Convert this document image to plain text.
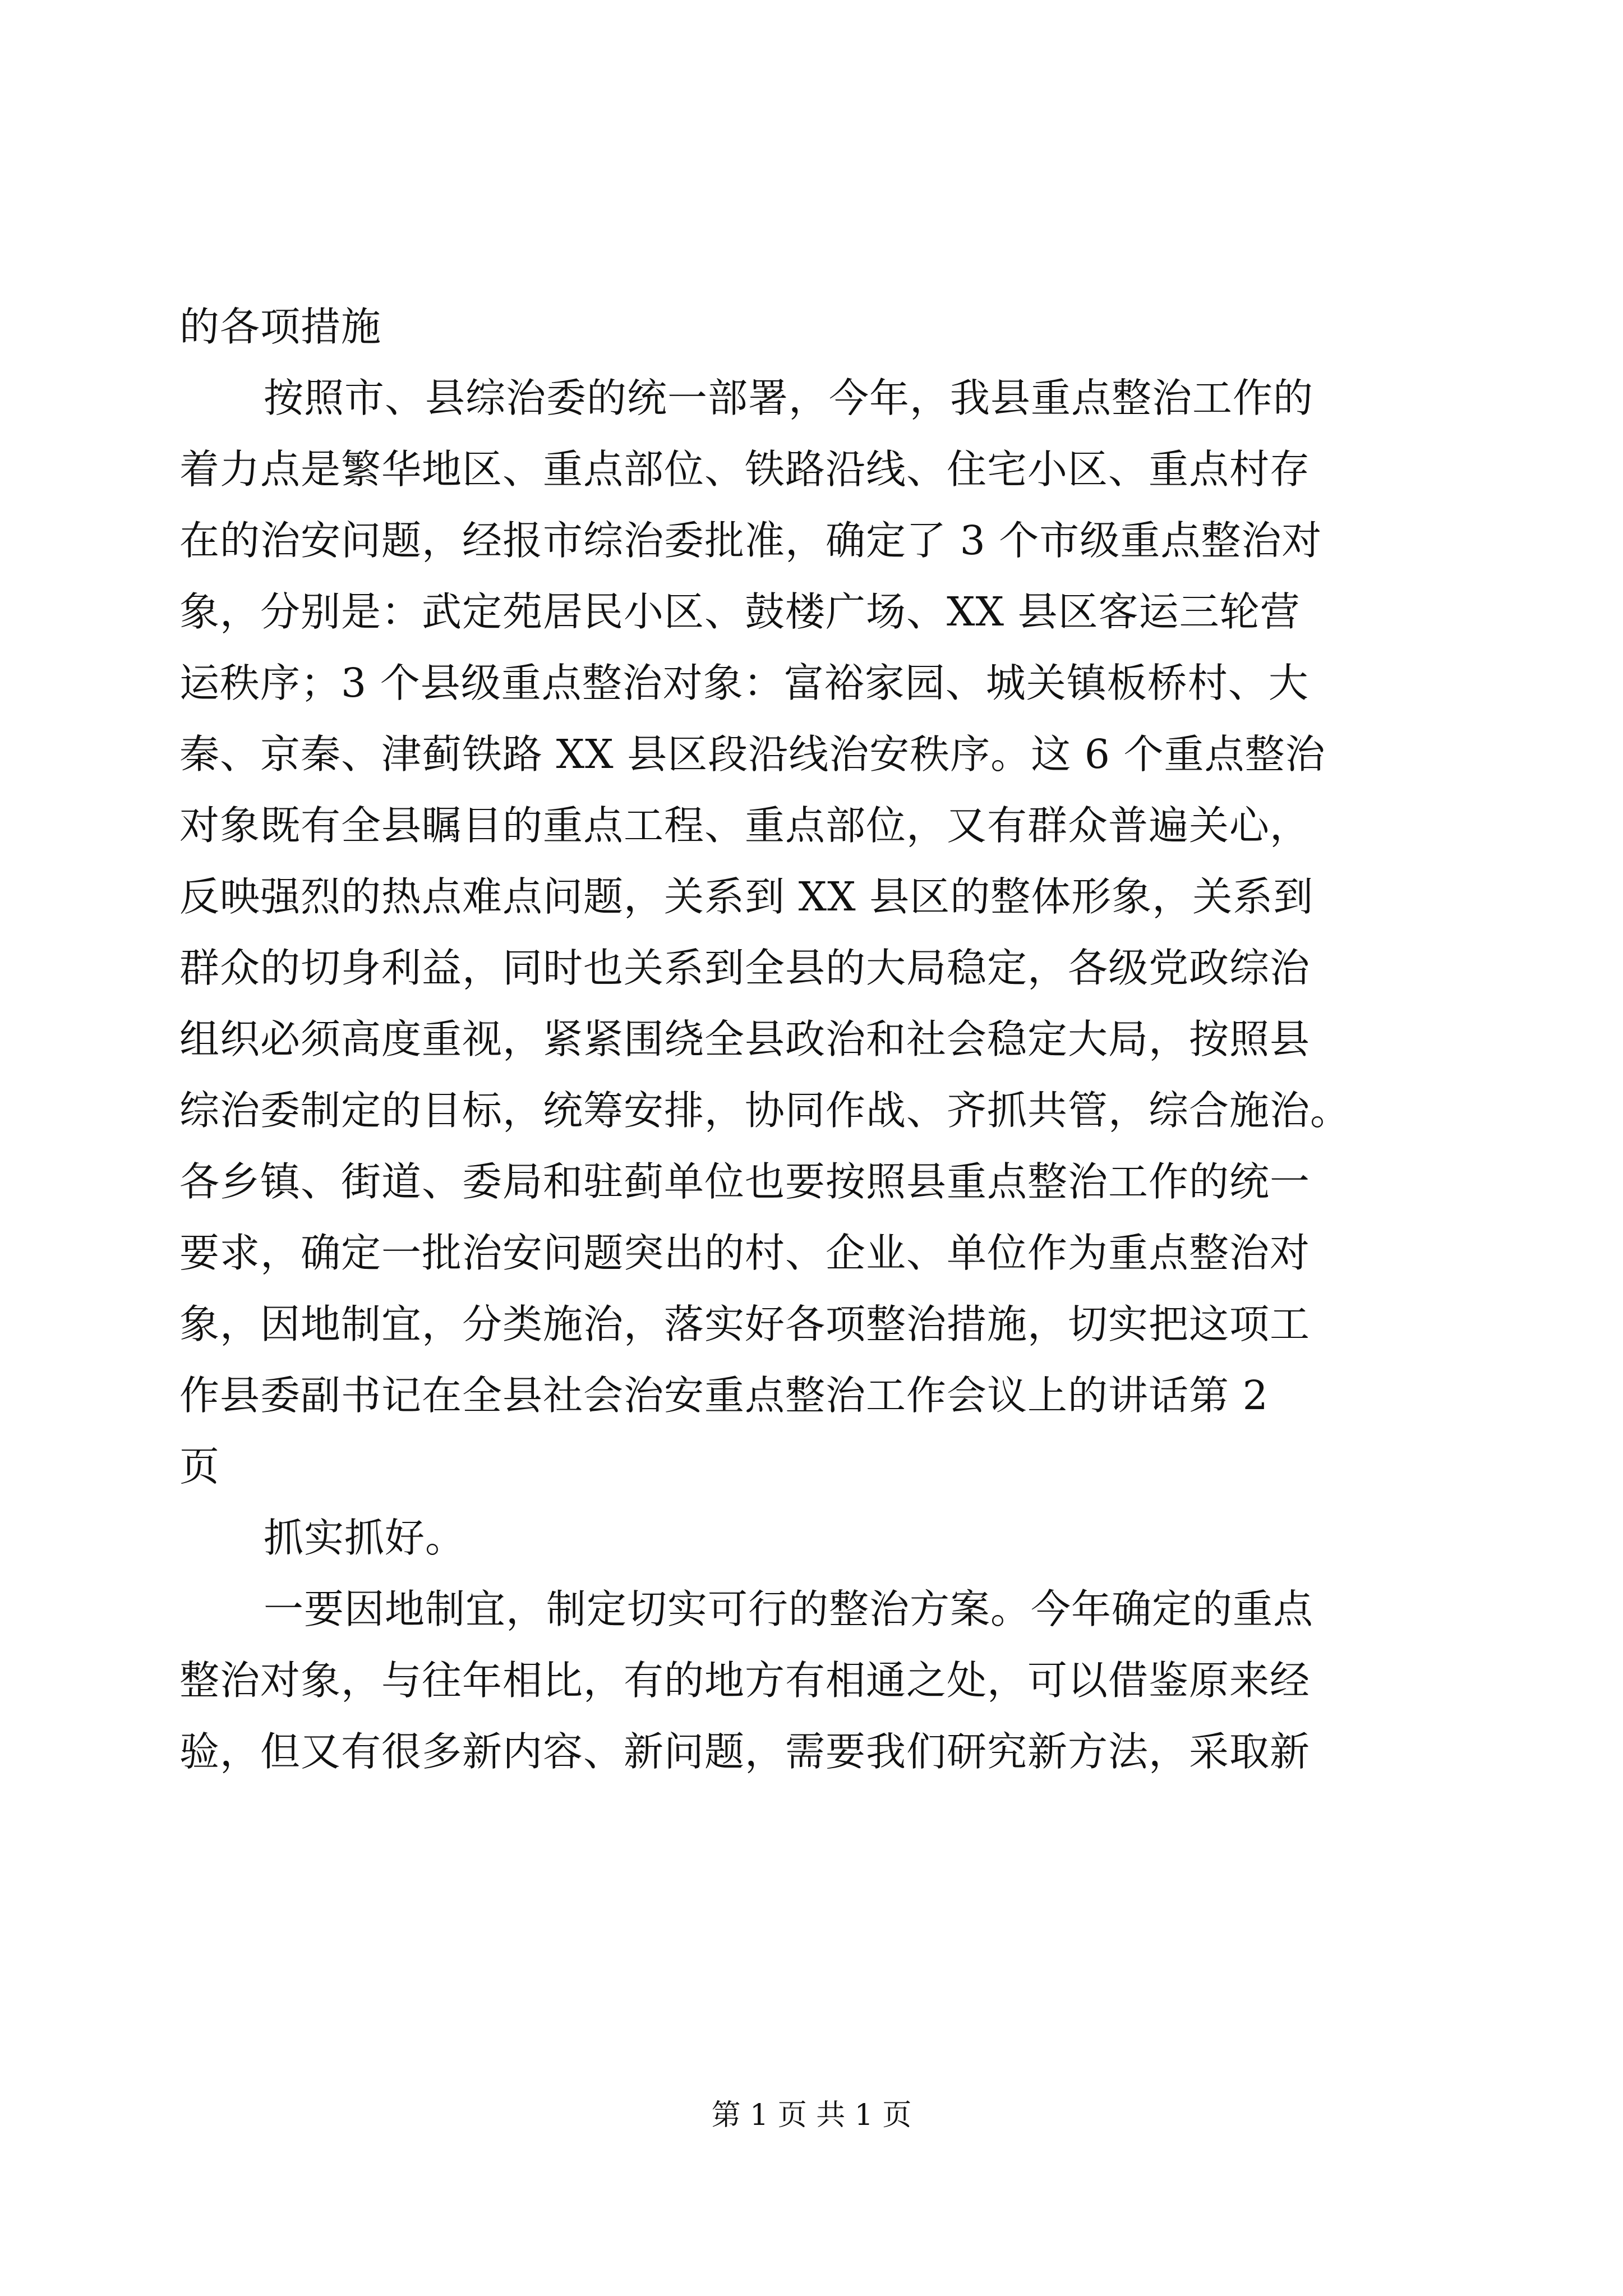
的各项措施
按照市、县综治委的统一部署，今年，我县重点整治工作的
着力点是繁华地区、重点部位、铁路沿线、住宅小区、重点村存
在的治安问题，经报市综治委批准，确定了 3 个市级重点整治对
象，分别是：武定苑居民小区、鼓楼广场、XX 县区客运三轮营
运秩序；3 个县级重点整治对象：富裕家园、城关镇板桥村、大
秦、京秦、津蓟铁路 XX 县区段沿线治安秩序。这 6 个重点整治
对象既有全县瞩目的重点工程、重点部位，又有群众普遍关心，
反映强烈的热点难点问题，关系到 XX 县区的整体形象，关系到
群众的切身利益，同时也关系到全县的大局稳定，各级党政综治
组织必须高度重视，紧紧围绕全县政治和社会稳定大局，按照县
综治委制定的目标，统筹安排，协同作战、齐抓共管，综合施治。
各乡镇、街道、委局和驻蓟单位也要按照县重点整治工作的统一
要求，确定一批治安问题突出的村、企业、单位作为重点整治对
象，因地制宜，分类施治，落实好各项整治措施，切实把这项工
作县委副书记在全县社会治安重点整治工作会议上的讲话第 2
页
抓实抓好。
一要因地制宜，制定切实可行的整治方案。今年确定的重点
整治对象，与往年相比，有的地方有相通之处，可以借鉴原来经
验，但又有很多新内容、新问题，需要我们研究新方法，采取新
第 1 页 共 1 页
